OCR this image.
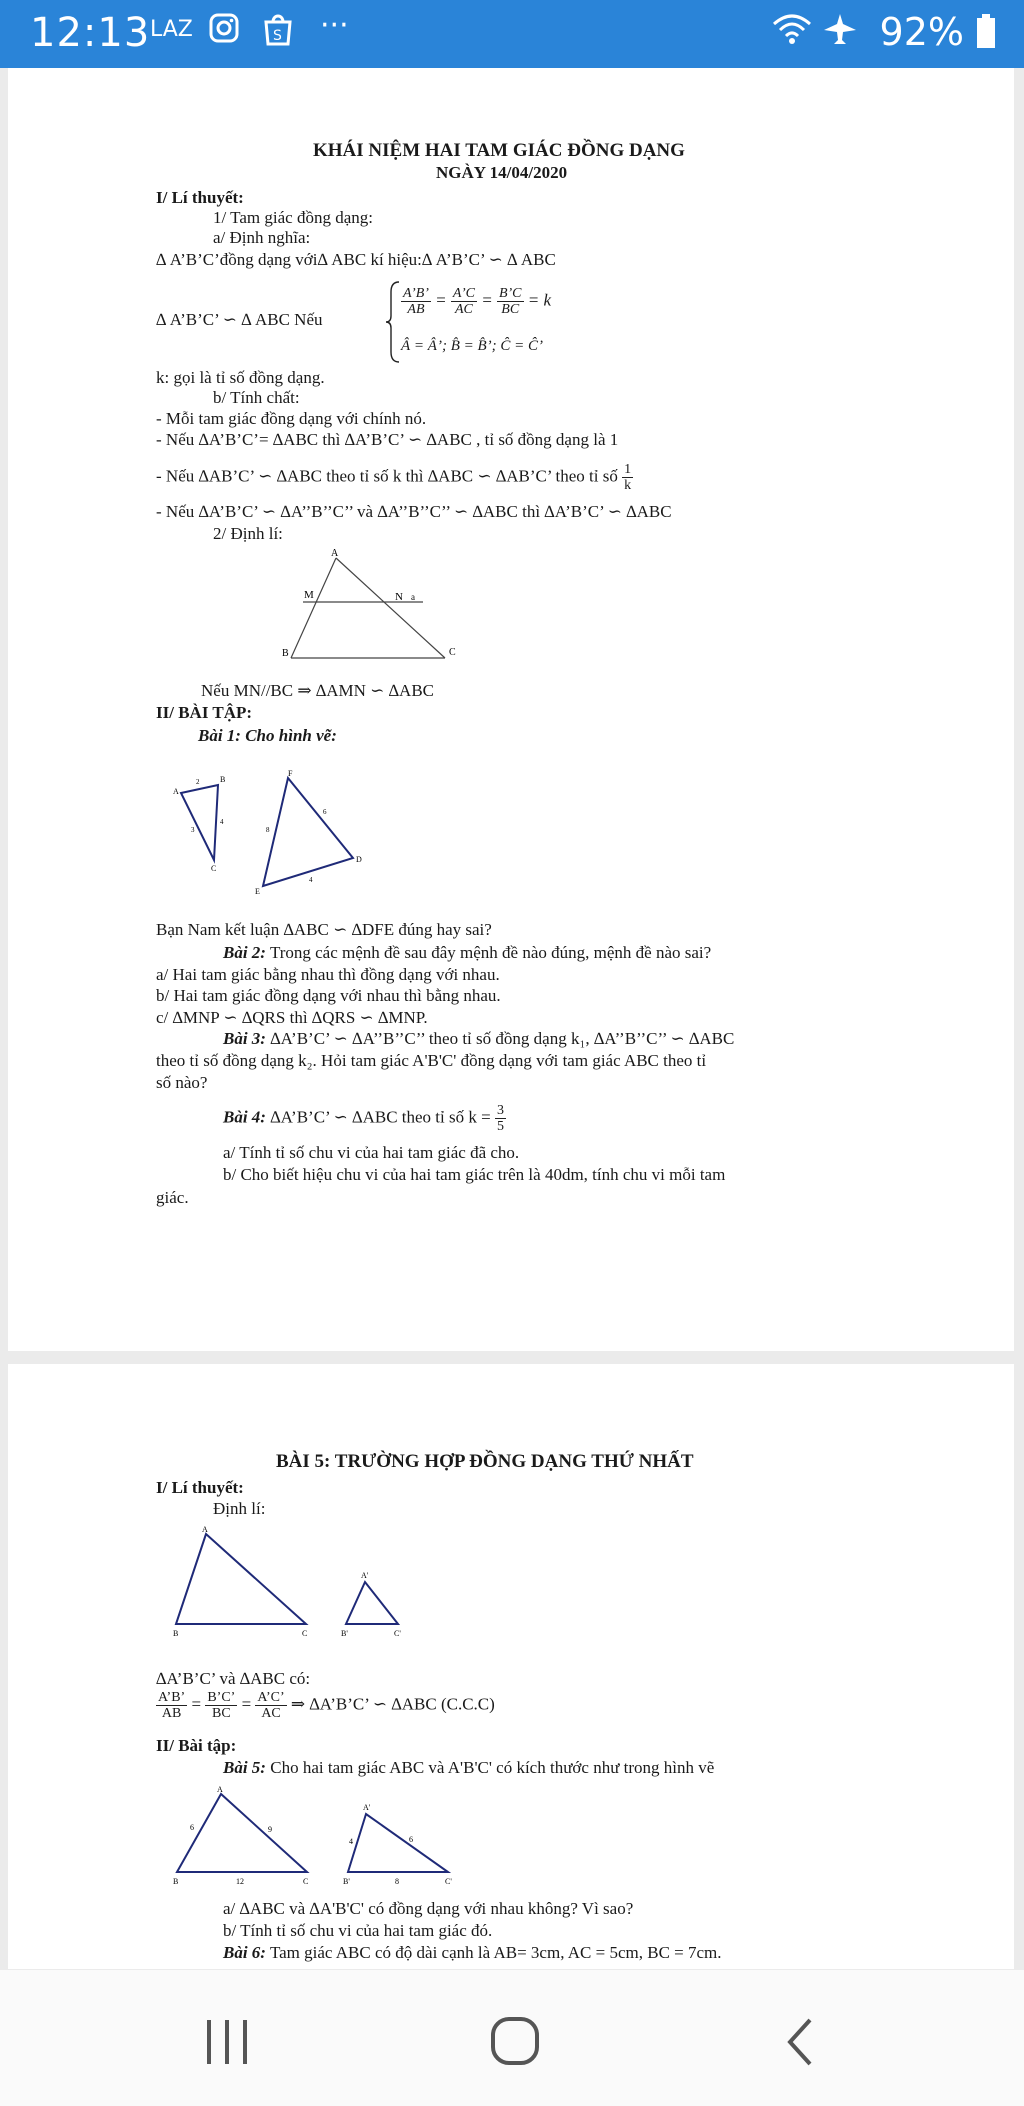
12:13 LAZ	S ···	92%
KHÁI NIỆM HAI TAM GIÁC ĐỒNG DẠNG
NGÀY 14/04/2020
I/ Lí thuyết:
1/ Tam giác đồng dạng:
a/ Định nghĩa:
∆ A’B’C’đồng dạng với∆ ABC kí hiệu:∆ A’B’C’ ∽ ∆ ABC
∆ A’B’C’ ∽ ∆ ABC Nếu
$\frac{A’B’}{AB} = \frac{A’C}{AC} = \frac{B’C}{BC} = k$
Â = Â’; B̂ = B̂’; Ĉ = Ĉ’
k: gọi là tỉ số đồng dạng.
b/ Tính chất:
- Mỗi tam giác đồng dạng với chính nó.
- Nếu ∆A’B’C’= ∆ABC thì ∆A’B’C’ ∽ ∆ABC , tỉ số đồng dạng là 1
- Nếu ∆AB’C’ ∽ ∆ABC theo tỉ số k thì ∆ABC ∽ ∆AB’C’ theo tỉ số $\frac{1}{k}$
- Nếu ∆A’B’C’ ∽ ∆A’’B’’C’’ và ∆A’’B’’C’’ ∽ ∆ABC thì ∆A’B’C’ ∽ ∆ABC
2/ Định lí:
A
M	N a
B	C
Nếu MN//BC ⇒ ∆AMN ∽ ∆ABC
II/ BÀI TẬP:
Bài 1: Cho hình vẽ:
A
B
C
F
D
E
2
3
4
6
8
4
Bạn Nam kết luận ∆ABC ∽ ∆DFE đúng hay sai?
Bài 2: Trong các mệnh đề sau đây mệnh đề nào đúng, mệnh đề nào sai?
a/ Hai tam giác bằng nhau thì đồng dạng với nhau.
b/ Hai tam giác đồng dạng với nhau thì bằng nhau.
c/ ∆MNP ∽ ∆QRS thì ∆QRS ∽ ∆MNP.
Bài 3: ∆A’B’C’ ∽ ∆A’’B’’C’’ theo tỉ số đồng dạng k₁, ∆A’’B’’C’’ ∽ ∆ABC
theo tỉ số đồng dạng k₂. Hỏi tam giác A'B'C' đồng dạng với tam giác ABC theo tỉ
số nào?
Bài 4: ∆A’B’C’ ∽ ∆ABC theo tỉ số $k = \frac{3}{5}$
a/ Tính tỉ số chu vi của hai tam giác đã cho.
b/ Cho biết hiệu chu vi của hai tam giác trên là 40dm, tính chu vi mỗi tam
giác.
BÀI 5: TRƯỜNG HỢP ĐỒNG DẠNG THỨ NHẤT
I/ Lí thuyết:
Định lí:
A
B	C
A'
B'	C'
∆A’B’C’ và ∆ABC có:
$\frac{A’B’}{AB} = \frac{B’C’}{BC} = \frac{A’C’}{AC}$ ⇒ ∆A’B’C’ ∽ ∆ABC (C.C.C)
II/ Bài tập:
Bài 5: Cho hai tam giác ABC và A'B'C' có kích thước như trong hình vẽ
A
B	C
6	9
12
A'
B'	C'
4	6
8
a/ ∆ABC và ∆A'B'C' có đồng dạng với nhau không? Vì sao?
b/ Tính tỉ số chu vi của hai tam giác đó.
Bài 6: Tam giác ABC có độ dài cạnh là AB= 3cm, AC = 5cm, BC = 7cm.
